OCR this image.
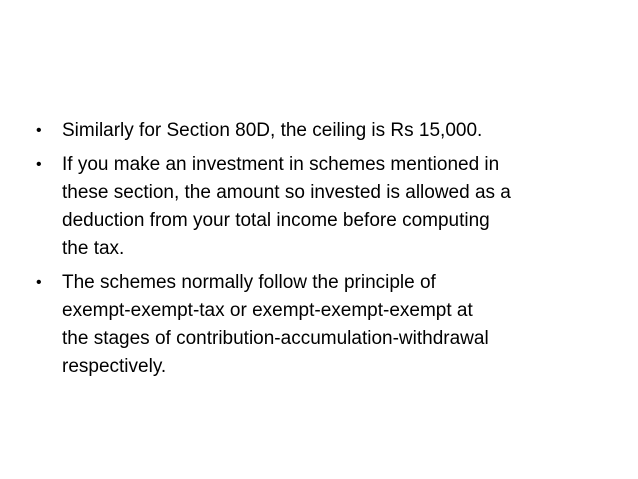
• Similarly for Section 80D, the ceiling is Rs 15,000.
• If you make an investment in schemes mentioned in
these section, the amount so invested is allowed as a
deduction from your total income before computing
the tax.
• The schemes normally follow the principle of
exempt-exempt-tax or exempt-exempt-exempt at
the stages of contribution-accumulation-withdrawal
respectively.
